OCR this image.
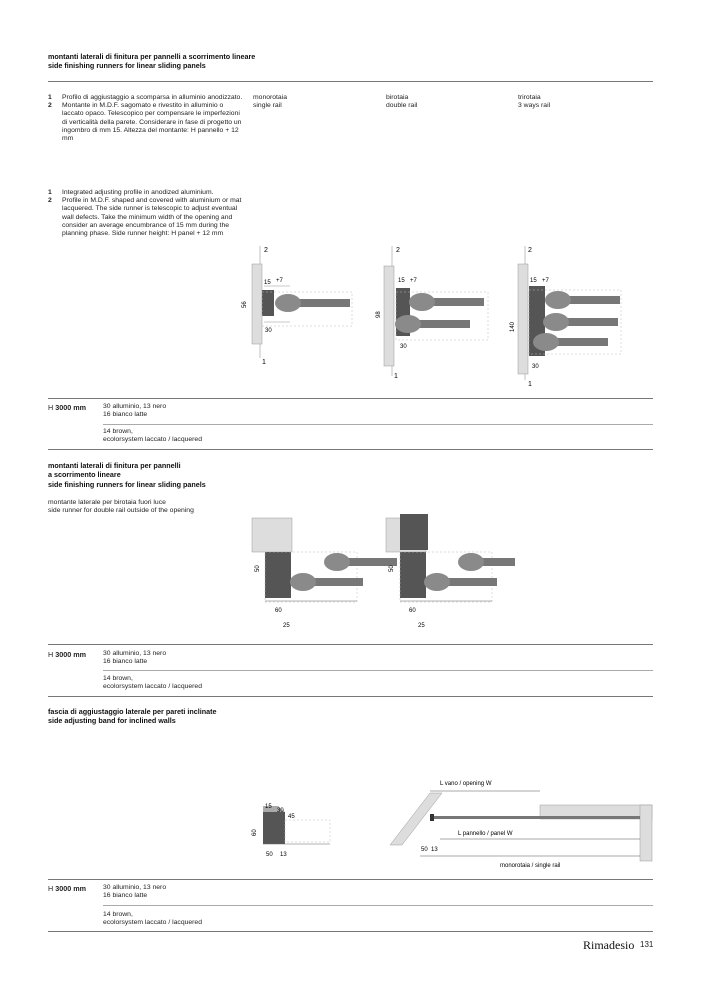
montanti laterali di finitura per pannelli a scorrimento lineare
side finishing runners for linear sliding panels
1	Profilo di aggiustaggio a scomparsa in alluminio anodizzato.
2	Montante in M.D.F. sagomato e rivestito in alluminio o laccato opaco. Telescopico per compensare le imperfezioni di verticalità della parete. Considerare in fase di progetto un ingombro di mm 15. Altezza del montante: H pannello + 12 mm
1	Integrated adjusting profile in anodized aluminium.
2	Profile in M.D.F. shaped and covered with aluminium or mat lacquered. The side runner is telescopic to adjust eventual wall defects. Take the minimum width of the opening and consider an average encumbrance of 15 mm during the planning phase. Side runner height: H panel + 12 mm
monorotaia
single rail
birotaia
double rail
trirotaia
3 ways rail
2
15 +7
30
56
1
2
15 +7
30
98
1
2
15 +7
30
140
1
H 3000 mm	30 alluminio, 13 nero
16 bianco latte
14 brown,
ecolorsystem laccato / lacquered
montanti laterali di finitura per pannelli
a scorrimento lineare
side finishing runners for linear sliding panels
montante laterale per birotaia fuori luce
side runner for double rail outside of the opening
50
60
25
50
60
25
H 3000 mm	30 alluminio, 13 nero
16 bianco latte
14 brown,
ecolorsystem laccato / lacquered
fascia di aggiustaggio laterale per pareti inclinate
side adjusting band for inclined walls
15
30
45
60
50 13
L vano / opening W
L pannello / panel W
50 13
monorotaia / single rail
H 3000 mm	30 alluminio, 13 nero
16 bianco latte
14 brown,
ecolorsystem laccato / lacquered
Rimadesio 131
